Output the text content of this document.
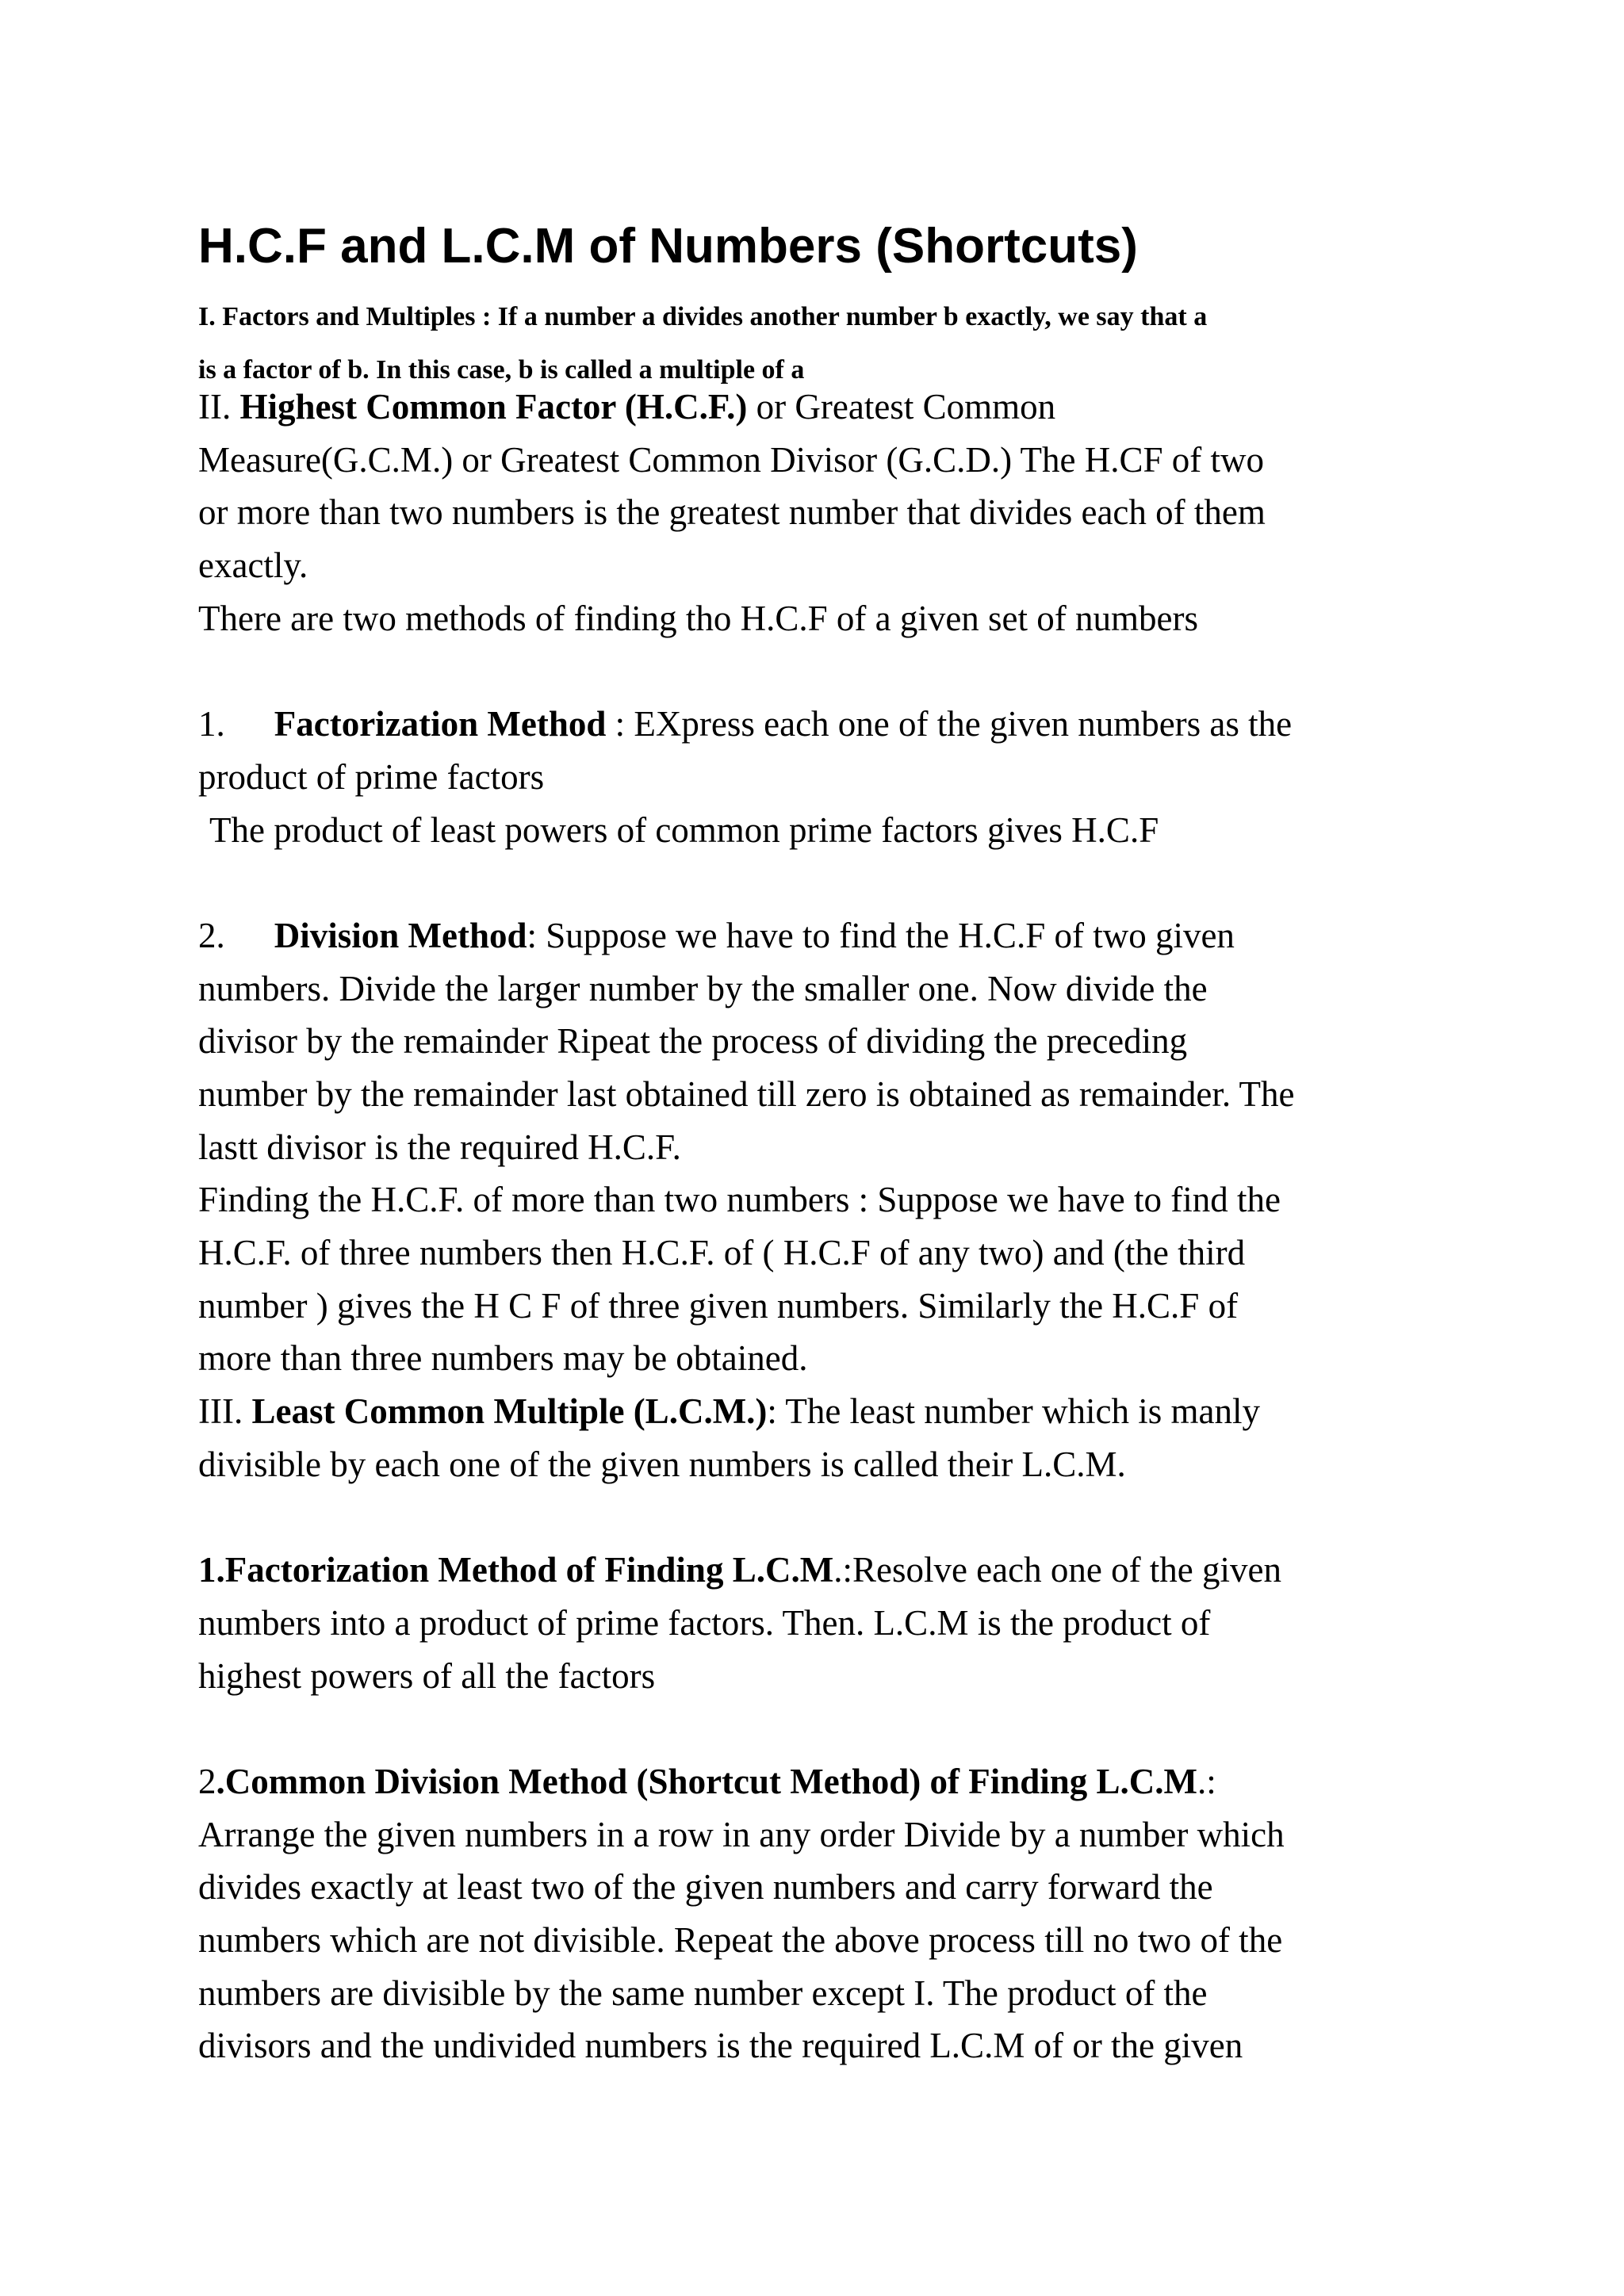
H.C.F and L.C.M of Numbers (Shortcuts)
I. Factors and Multiples : If a number a divides another number b exactly, we say that a
is a factor of b. In this case, b is called a multiple of a
II. Highest Common Factor (H.C.F.) or Greatest Common
Measure(G.C.M.) or Greatest Common Divisor (G.C.D.) The H.CF of two
or more than two numbers is the greatest number that divides each of them
exactly.
There are two methods of finding tho H.C.F of a given set of numbers
1. Factorization Method : EXpress each one of the given numbers as the
product of prime factors
The product of least powers of common prime factors gives H.C.F
2. Division Method: Suppose we have to find the H.C.F of two given
numbers. Divide the larger number by the smaller one. Now divide the
divisor by the remainder Ripeat the process of dividing the preceding
number by the remainder last obtained till zero is obtained as remainder. The
lastt divisor is the required H.C.F.
Finding the H.C.F. of more than two numbers : Suppose we have to find the
H.C.F. of three numbers then H.C.F. of ( H.C.F of any two) and (the third
number ) gives the H C F of three given numbers. Similarly the H.C.F of
more than three numbers may be obtained.
III. Least Common Multiple (L.C.M.): The least number which is manly
divisible by each one of the given numbers is called their L.C.M.
1.Factorization Method of Finding L.C.M.:Resolve each one of the given
numbers into a product of prime factors. Then. L.C.M is the product of
highest powers of all the factors
2.Common Division Method (Shortcut Method) of Finding L.C.M.:
Arrange the given numbers in a row in any order Divide by a number which
divides exactly at least two of the given numbers and carry forward the
numbers which are not divisible. Repeat the above process till no two of the
numbers are divisible by the same number except I. The product of the
divisors and the undivided numbers is the required L.C.M of or the given
